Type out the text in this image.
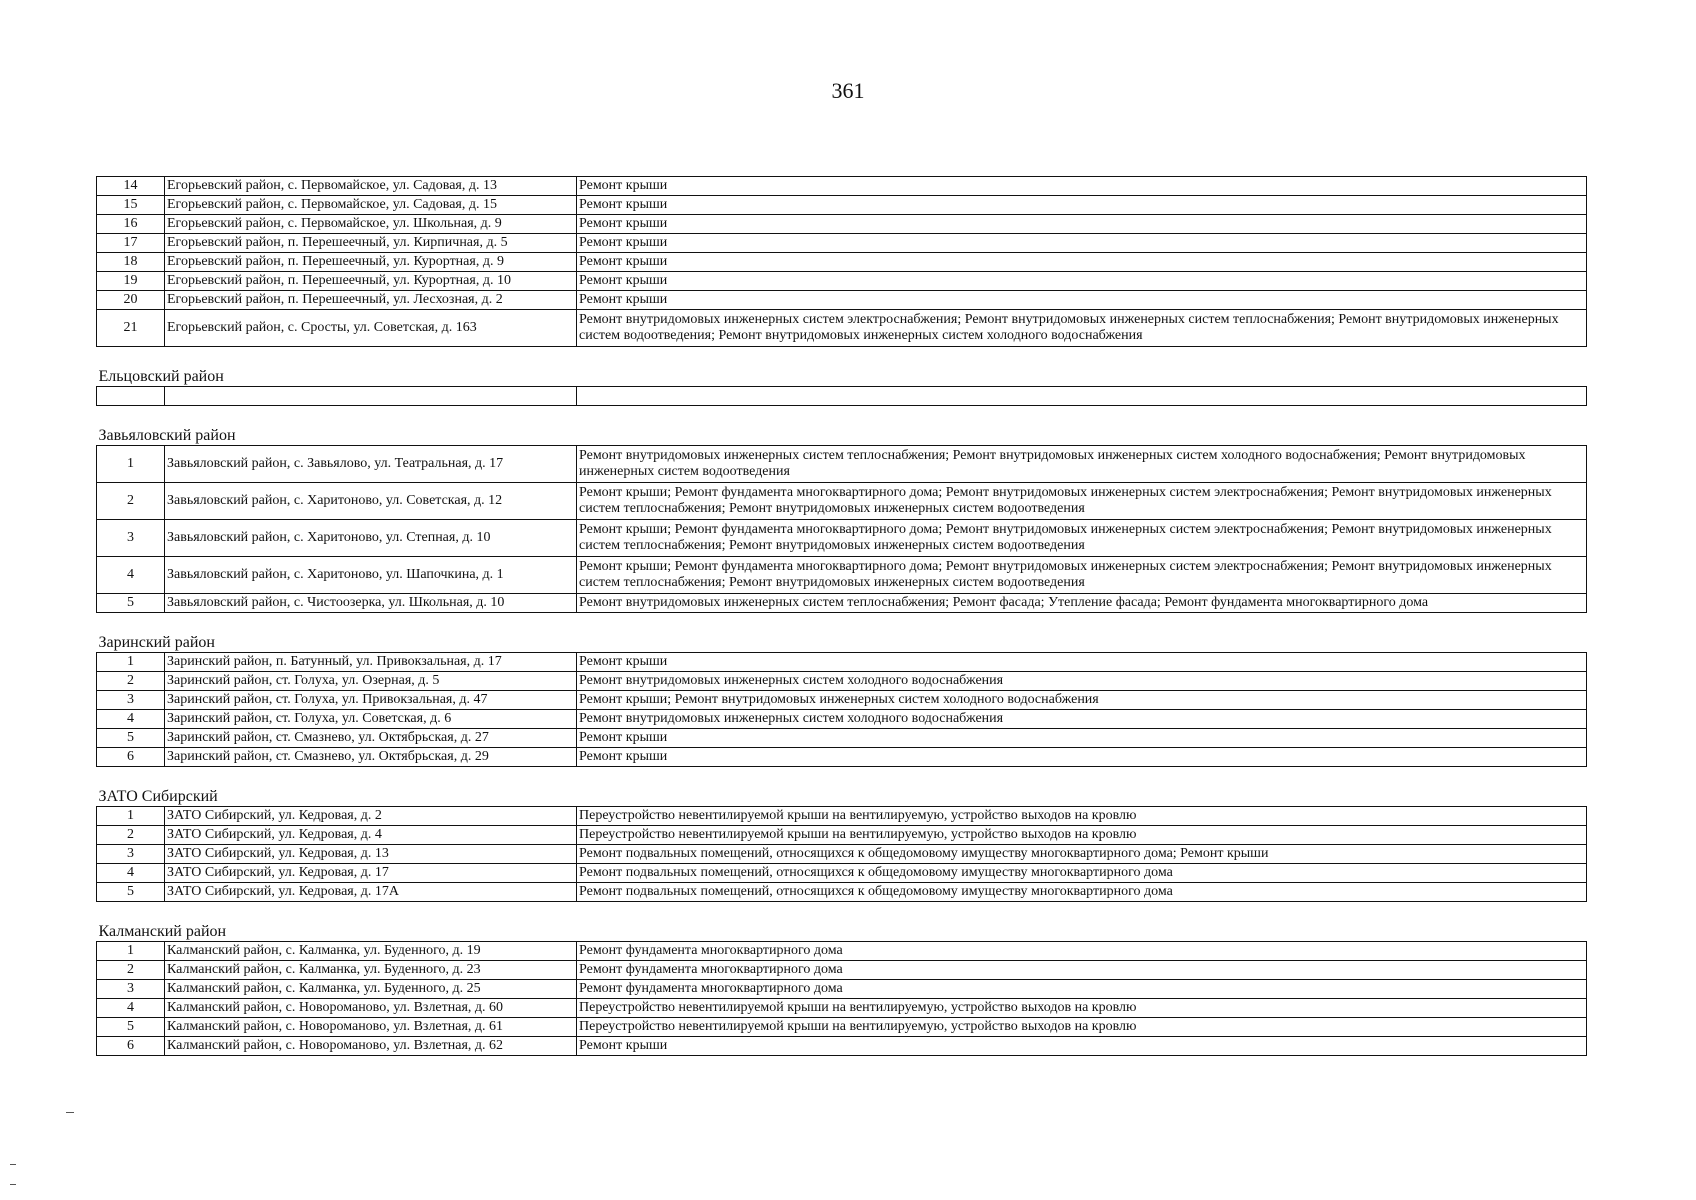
361
14	Егорьевский район, с. Первомайское, ул. Садовая, д. 13	Ремонт крыши
15	Егорьевский район, с. Первомайское, ул. Садовая, д. 15	Ремонт крыши
16	Егорьевский район, с. Первомайское, ул. Школьная, д. 9	Ремонт крыши
17	Егорьевский район, п. Перешеечный, ул. Кирпичная, д. 5	Ремонт крыши
18	Егорьевский район, п. Перешеечный, ул. Курортная, д. 9	Ремонт крыши
19	Егорьевский район, п. Перешеечный, ул. Курортная, д. 10	Ремонт крыши
20	Егорьевский район, п. Перешеечный, ул. Лесхозная, д. 2	Ремонт крыши
21	Егорьевский район, с. Сросты, ул. Советская, д. 163	Ремонт внутридомовых инженерных систем электроснабжения; Ремонт внутридомовых инженерных систем теплоснабжения; Ремонт внутридомовых инженерных систем водоотведения; Ремонт внутридомовых инженерных систем холодного водоснабжения
Ельцовский район		

Завьяловский район		
1	Завьяловский район, с. Завьялово, ул. Театральная, д. 17	Ремонт внутридомовых инженерных систем теплоснабжения; Ремонт внутридомовых инженерных систем холодного водоснабжения; Ремонт внутридомовых инженерных систем водоотведения
2	Завьяловский район, с. Харитоново, ул. Советская, д. 12	Ремонт крыши; Ремонт фундамента многоквартирного дома; Ремонт внутридомовых инженерных систем электроснабжения; Ремонт внутридомовых инженерных систем теплоснабжения; Ремонт внутридомовых инженерных систем водоотведения
3	Завьяловский район, с. Харитоново, ул. Степная, д. 10	Ремонт крыши; Ремонт фундамента многоквартирного дома; Ремонт внутридомовых инженерных систем электроснабжения; Ремонт внутридомовых инженерных систем теплоснабжения; Ремонт внутридомовых инженерных систем водоотведения
4	Завьяловский район, с. Харитоново, ул. Шапочкина, д. 1	Ремонт крыши; Ремонт фундамента многоквартирного дома; Ремонт внутридомовых инженерных систем электроснабжения; Ремонт внутридомовых инженерных систем теплоснабжения; Ремонт внутридомовых инженерных систем водоотведения
5	Завьяловский район, с. Чистоозерка, ул. Школьная, д. 10	Ремонт внутридомовых инженерных систем теплоснабжения; Ремонт фасада; Утепление фасада; Ремонт фундамента многоквартирного дома
Заринский район		
1	Заринский район, п. Батунный, ул. Привокзальная, д. 17	Ремонт крыши
2	Заринский район, ст. Голуха, ул. Озерная, д. 5	Ремонт внутридомовых инженерных систем холодного водоснабжения
3	Заринский район, ст. Голуха, ул. Привокзальная, д. 47	Ремонт крыши; Ремонт внутридомовых инженерных систем холодного водоснабжения
4	Заринский район, ст. Голуха, ул. Советская, д. 6	Ремонт внутридомовых инженерных систем холодного водоснабжения
5	Заринский район, ст. Смазнево, ул. Октябрьская, д. 27	Ремонт крыши
6	Заринский район, ст. Смазнево, ул. Октябрьская, д. 29	Ремонт крыши
ЗАТО Сибирский		
1	ЗАТО Сибирский, ул. Кедровая, д. 2	Переустройство невентилируемой крыши на вентилируемую, устройство выходов на кровлю
2	ЗАТО Сибирский, ул. Кедровая, д. 4	Переустройство невентилируемой крыши на вентилируемую, устройство выходов на кровлю
3	ЗАТО Сибирский, ул. Кедровая, д. 13	Ремонт подвальных помещений, относящихся к общедомовому имуществу многоквартирного дома; Ремонт крыши
4	ЗАТО Сибирский, ул. Кедровая, д. 17	Ремонт подвальных помещений, относящихся к общедомовому имуществу многоквартирного дома
5	ЗАТО Сибирский, ул. Кедровая, д. 17А	Ремонт подвальных помещений, относящихся к общедомовому имуществу многоквартирного дома
Калманский район		
1	Калманский район, с. Калманка, ул. Буденного, д. 19	Ремонт фундамента многоквартирного дома
2	Калманский район, с. Калманка, ул. Буденного, д. 23	Ремонт фундамента многоквартирного дома
3	Калманский район, с. Калманка, ул. Буденного, д. 25	Ремонт фундамента многоквартирного дома
4	Калманский район, с. Новороманово, ул. Взлетная, д. 60	Переустройство невентилируемой крыши на вентилируемую, устройство выходов на кровлю
5	Калманский район, с. Новороманово, ул. Взлетная, д. 61	Переустройство невентилируемой крыши на вентилируемую, устройство выходов на кровлю
6	Калманский район, с. Новороманово, ул. Взлетная, д. 62	Ремонт крыши
